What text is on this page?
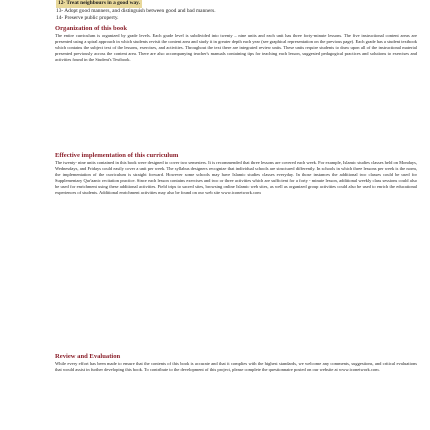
12- Treat neighbours in a good way.
13- Adopt good manners, and distinguish between good and bad manners.
14- Preserve public property.

Organization of this book

The entire curriculum is organized by grade levels. Each grade level is subdivided into twenty – nine units and each unit has three forty-minute lessons. The five instructional content areas are presented using a spiral approach in which students revisit the content area and study it in greater depth each year (see graphical representation on the previous page). Each grade has a student textbook which contains the subject text of the lessons, exercises, and activities. Throughout the text there are integrated review units. These units require students to draw upon all of the instructional material presented previously across the content area. There are also accompanying teacher's manuals containing tips for teaching each lesson, suggested pedagogical practices and solutions to exercises and activities found in the Student's Textbook.

Effective implementation of this curriculum

The twenty- nine units contained in this book were designed to cover two semesters. It is recommended that three lessons are covered each week. For example, Islamic studies classes held on Mondays, Wednesdays, and Fridays could easily cover a unit per week. The syllabus designers recognize that individual schools are structured differently. In schools in which three lessons per week is the norm, the implementation of the curriculum is straight forward. However some schools may have Islamic studies classes everyday. In those instances the additional two classes could be used for Supplementary Qur'aanic recitation practice. Since each lesson contains exercises and two or three activities which are sufficient for a forty - minute lesson, additional weekly class sessions could also be used for enrichment using these additional activities. Field trips to sacred sites, browsing online Islamic web sites, as well as organized group activities could also be used to enrich the educational experiences of students. Additional enrichment activities may also be found on our web site www.iconetwork.com

Review and Evaluation

While every effort has been made to ensure that the contents of this book is accurate and that it complies with the highest standards, we welcome any comments, suggestions, and critical evaluations that would assist in further developing this book. To contribute to the development of this project, please complete the questionnaire posted on our website at www.iconetwork.com.
